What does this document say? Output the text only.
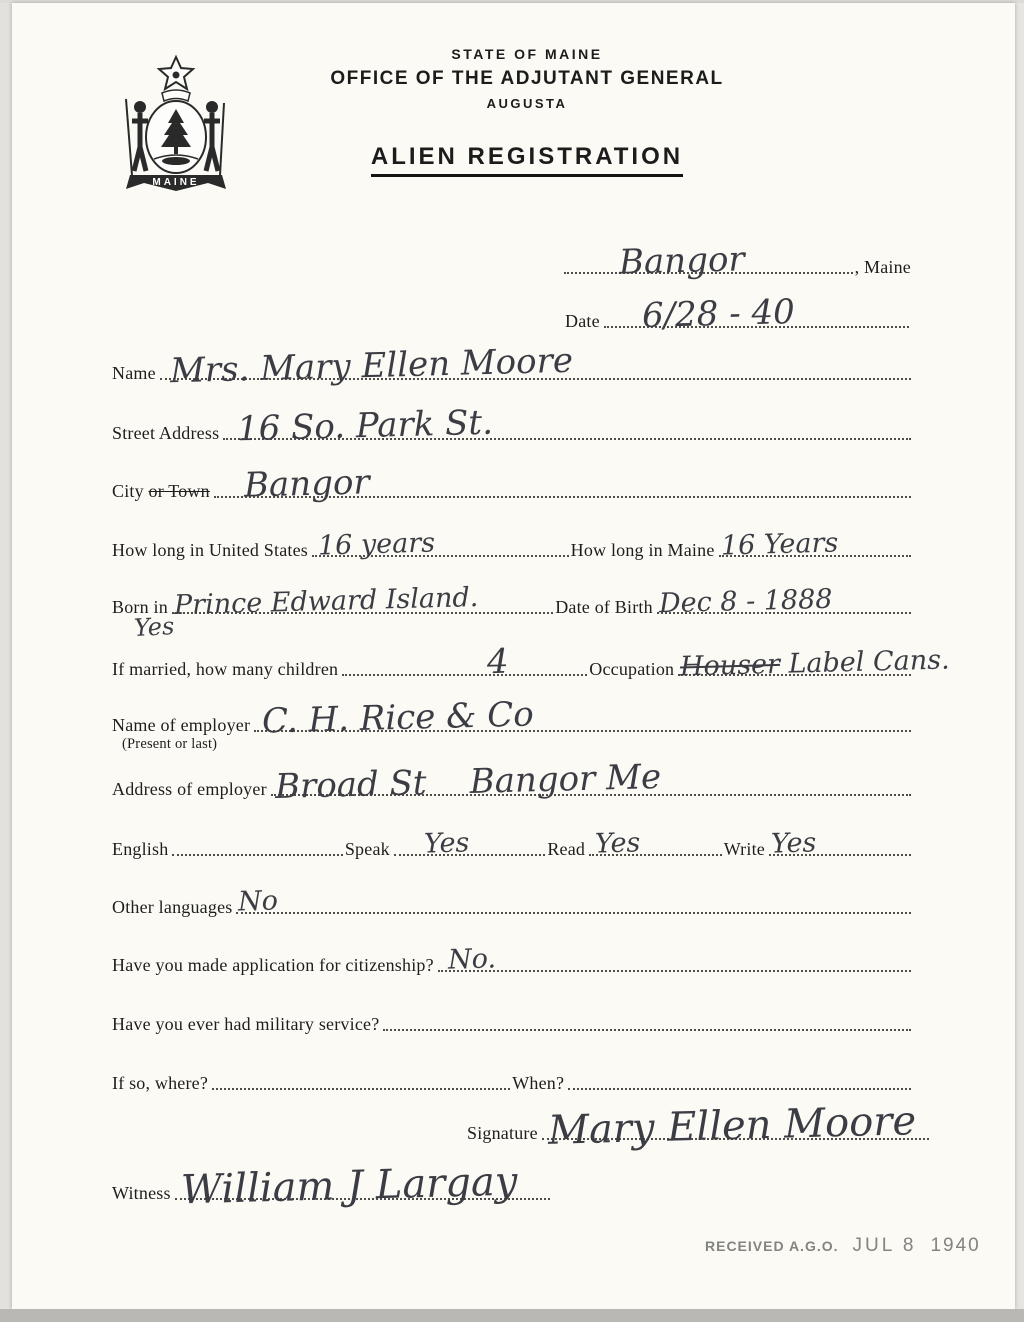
MAINE
STATE OF MAINE
OFFICE OF THE ADJUTANT GENERAL
AUGUSTA
ALIEN REGISTRATION
Bangor	, Maine
Date 6/28 - 40
Name Mrs. Mary Ellen Moore
Street Address 16 So. Park St.
City or Town Bangor
How long in United States 16 years	How long in Maine 16 Years
Born in Prince Edward Island.	Date of Birth Dec 8 - 1888
Yes
If married, how many children	4	Occupation Houser Label Cans.
Name of employer
(Present or last)
C. H. Rice & Co
Address of employer Broad St    Bangor Me
English	Speak Yes	Read Yes	Write Yes
Other languages No
Have you made application for citizenship? No.
Have you ever had military service?
If so, where?	When?
Signature Mary Ellen Moore
Witness William J Largay
RECEIVED A.G.O. JUL 8 1940
